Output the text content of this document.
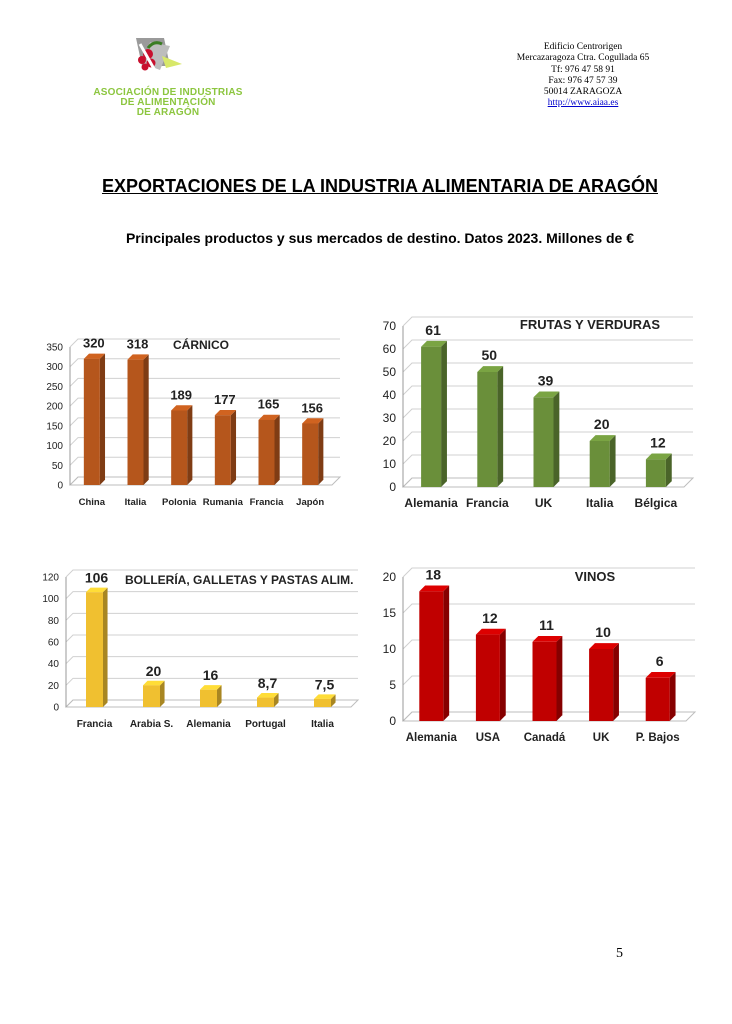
ASOCIACIÓN DE INDUSTRIAS
DE ALIMENTACIÓN
DE ARAGÓN
Edificio Centrorigen
Mercazaragoza Ctra. Cogullada 65
Tf: 976 47 58 91
Fax: 976 47 57 39
50014 ZARAGOZA
http://www.aiaa.es
EXPORTACIONES DE LA INDUSTRIA ALIMENTARIA DE ARAGÓN
Principales productos y sus mercados de destino. Datos 2023. Millones de €
0
50
100
150
200
250
300
350 320
China
318
Italia
189
Polonia
177
Rumania
165
Francia
156
Japón
CÁRNICO
0
10
20
30
40
50
60
70 61
Alemania
50
Francia
39
UK
20
Italia
12
Bélgica
FRUTAS Y VERDURAS
0
20
40
60
80
100
120 106
Francia
20
Arabia S.
16
Alemania
8,7
Portugal
7,5
Italia
BOLLERÍA, GALLETAS Y PASTAS ALIM.
0
5
10
15
20 18
Alemania
12
USA
11
Canadá
10
UK
6
P. Bajos
VINOS
5
